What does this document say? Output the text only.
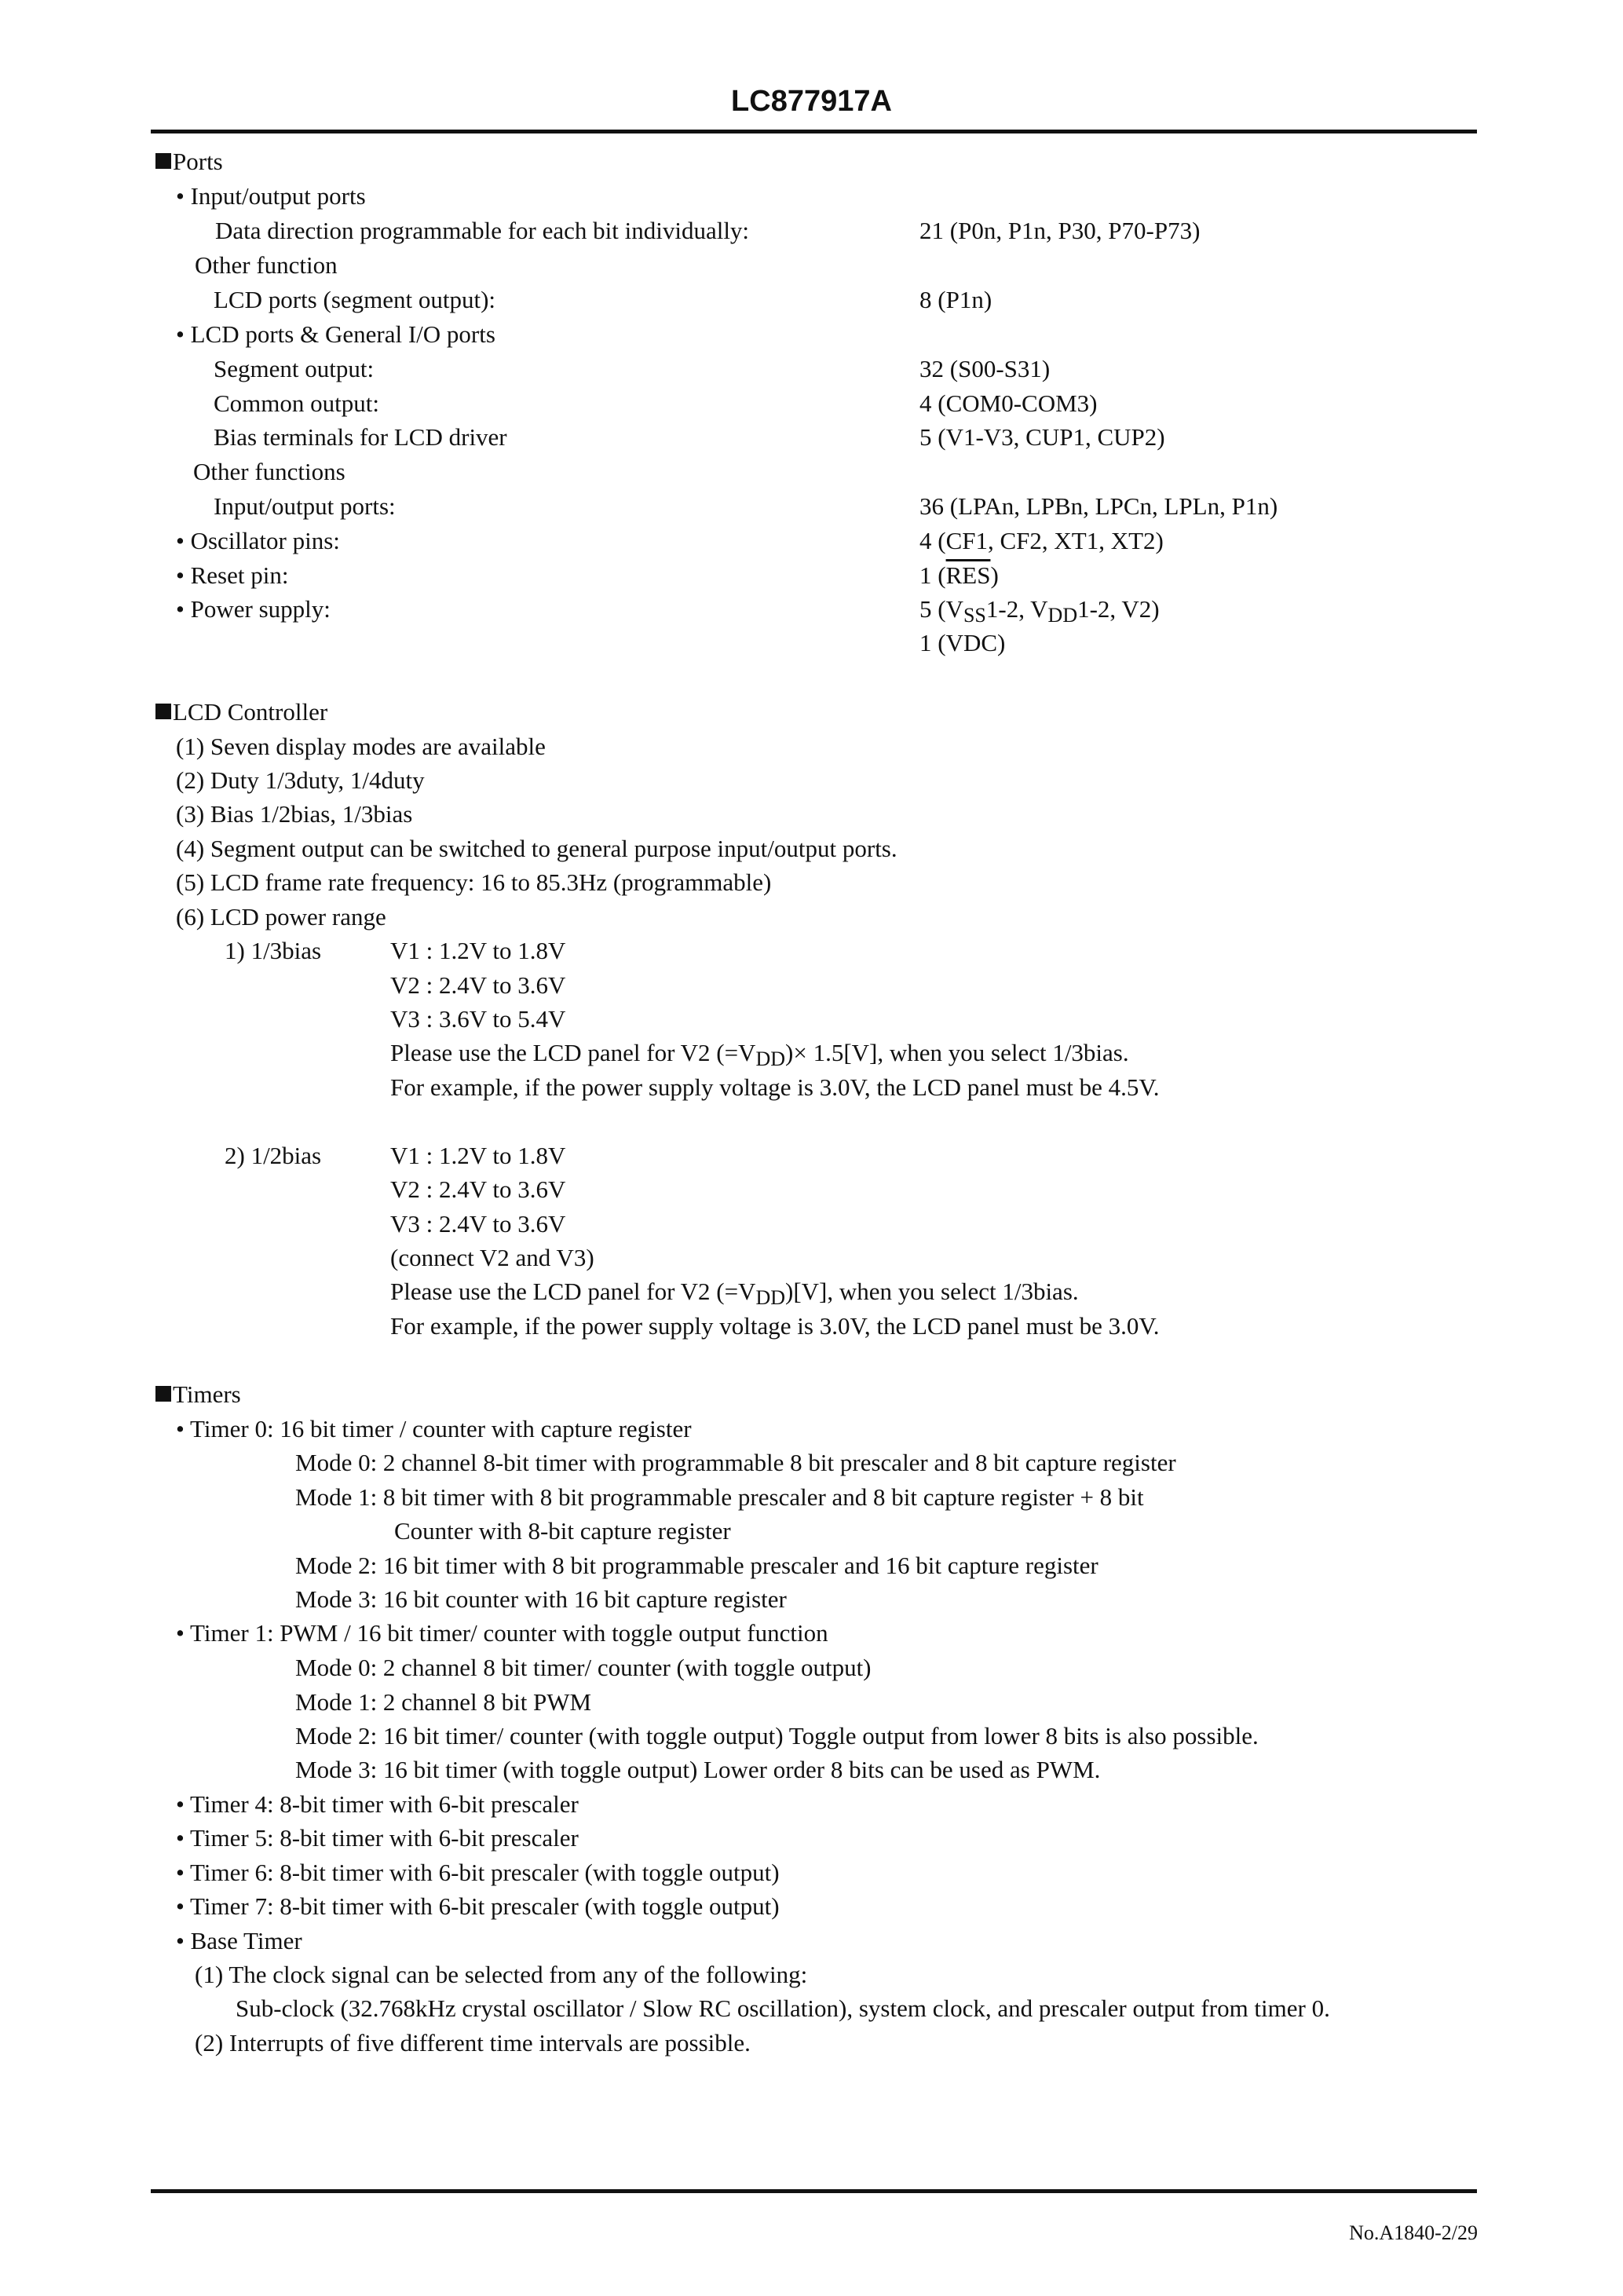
LC877917A
Ports
• Input/output ports
Data direction programmable for each bit individually:	21 (P0n, P1n, P30, P70-P73)
Other function
LCD ports (segment output):	8 (P1n)
• LCD ports & General I/O ports
Segment output:	32 (S00-S31)
Common output:	4 (COM0-COM3)
Bias terminals for LCD driver	5 (V1-V3, CUP1, CUP2)
Other functions
Input/output ports:	36 (LPAn, LPBn, LPCn, LPLn, P1n)
• Oscillator pins:	4 (CF1, CF2, XT1, XT2)
• Reset pin:	1 $(\overline{RES})$
• Power supply:	5 ($V_{SS}1-2$, $V_{DD}1-2$, V2)
1 (VDC)
LCD Controller
(1) Seven display modes are available
(2) Duty 1/3duty, 1/4duty
(3) Bias 1/2bias, 1/3bias
(4) Segment output can be switched to general purpose input/output ports.
(5) LCD frame rate frequency: 16 to 85.3Hz (programmable)
(6) LCD power range
1) 1/3bias	V1 : 1.2V to 1.8V
V2 : 2.4V to 3.6V
V3 : 3.6V to 5.4V
Please use the LCD panel for V2 $(=V_{DD})\times 1.5[V]$, when you select 1/3bias.
For example, if the power supply voltage is 3.0V, the LCD panel must be 4.5V.
2) 1/2bias	V1 : 1.2V to 1.8V
V2 : 2.4V to 3.6V
V3 : 2.4V to 3.6V
(connect V2 and V3)
Please use the LCD panel for V2 $(=V_{DD})[V]$, when you select 1/3bias.
For example, if the power supply voltage is 3.0V, the LCD panel must be 3.0V.
Timers
• Timer 0: 16 bit timer / counter with capture register
Mode 0: 2 channel 8-bit timer with programmable 8 bit prescaler and 8 bit capture register
Mode 1: 8 bit timer with 8 bit programmable prescaler and 8 bit capture register + 8 bit
Counter with 8-bit capture register
Mode 2: 16 bit timer with 8 bit programmable prescaler and 16 bit capture register
Mode 3: 16 bit counter with 16 bit capture register
• Timer 1: PWM / 16 bit timer/ counter with toggle output function
Mode 0: 2 channel 8 bit timer/ counter (with toggle output)
Mode 1: 2 channel 8 bit PWM
Mode 2: 16 bit timer/ counter (with toggle output) Toggle output from lower 8 bits is also possible.
Mode 3: 16 bit timer (with toggle output) Lower order 8 bits can be used as PWM.
• Timer 4: 8-bit timer with 6-bit prescaler
• Timer 5: 8-bit timer with 6-bit prescaler
• Timer 6: 8-bit timer with 6-bit prescaler (with toggle output)
• Timer 7: 8-bit timer with 6-bit prescaler (with toggle output)
• Base Timer
(1) The clock signal can be selected from any of the following:
Sub-clock (32.768kHz crystal oscillator / Slow RC oscillation), system clock, and prescaler output from timer 0.
(2) Interrupts of five different time intervals are possible.
No.A1840-2/29
